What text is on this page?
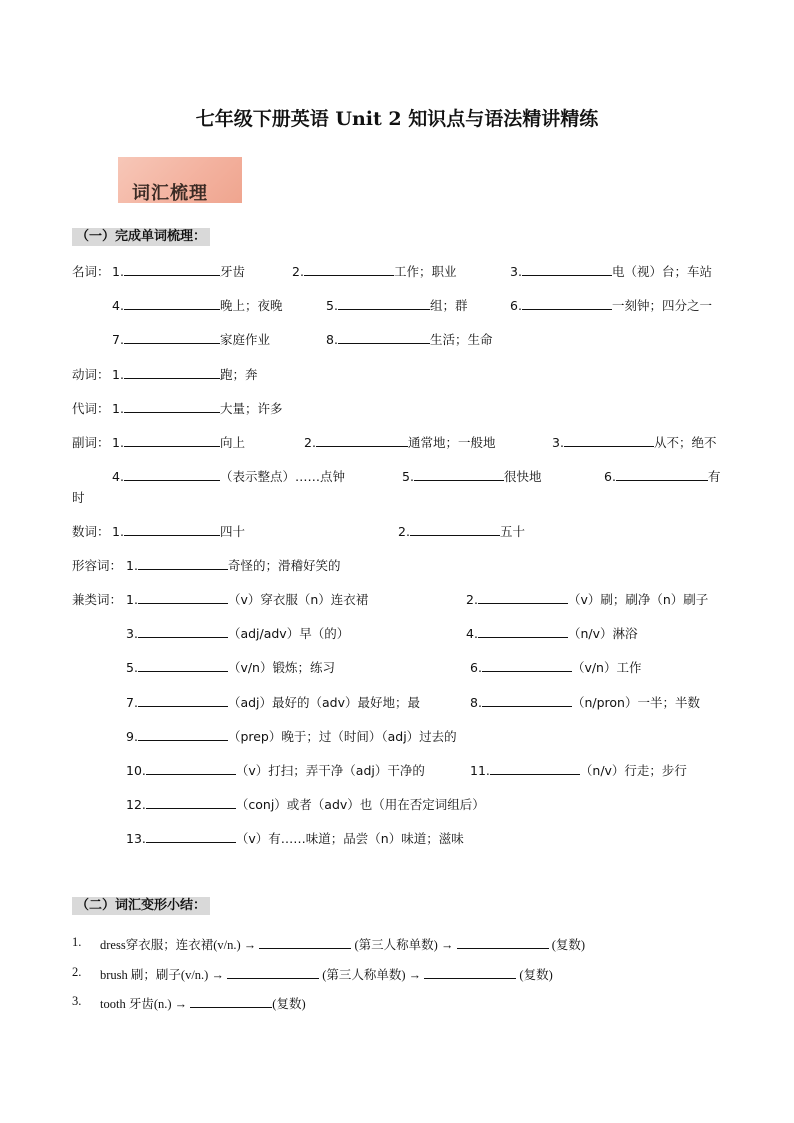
七年级下册英语 Unit 2 知识点与语法精讲精练
词汇梳理
（一）完成单词梳理：
名词： 1.	牙齿	2.	工作；职业	3.	电（视）台；车站
4.	晚上；夜晚	5.	组；群	6.	一刻钟；四分之一
7.	家庭作业	8.	生活；生命
动词： 1.	跑；奔
代词： 1.	大量；许多
副词： 1.	向上	2.	通常地；一般地	3.	从不；绝不
4.	（表示整点）……点钟	5.	很快地	6.	有
时
数词： 1.	四十	2.	五十
形容词： 1.	奇怪的；滑稽好笑的
兼类词： 1.	（v）穿衣服（n）连衣裙	2.	（v）刷；刷净（n）刷子
3.	（adj/adv）早（的）	4.	（n/v）淋浴
5.	（v/n）锻炼；练习	6.	（v/n）工作
7.	（adj）最好的（adv）最好地；最	8.	（n/pron）一半；半数
9.	（prep）晚于；过（时间）（adj）过去的
10.	（v）打扫；弄干净（adj）干净的	11.	（n/v）行走；步行
12.	（conj）或者（adv）也（用在否定词组后）
13.	（v）有……味道；品尝（n）味道；滋味
（二）词汇变形小结：
1. dress穿衣服；连衣裙(v/n.) →	(第三人称单数) →	(复数)
2. brush 刷；刷子(v/n.) →	(第三人称单数) →	(复数)
3. tooth 牙齿(n.) →	(复数)
